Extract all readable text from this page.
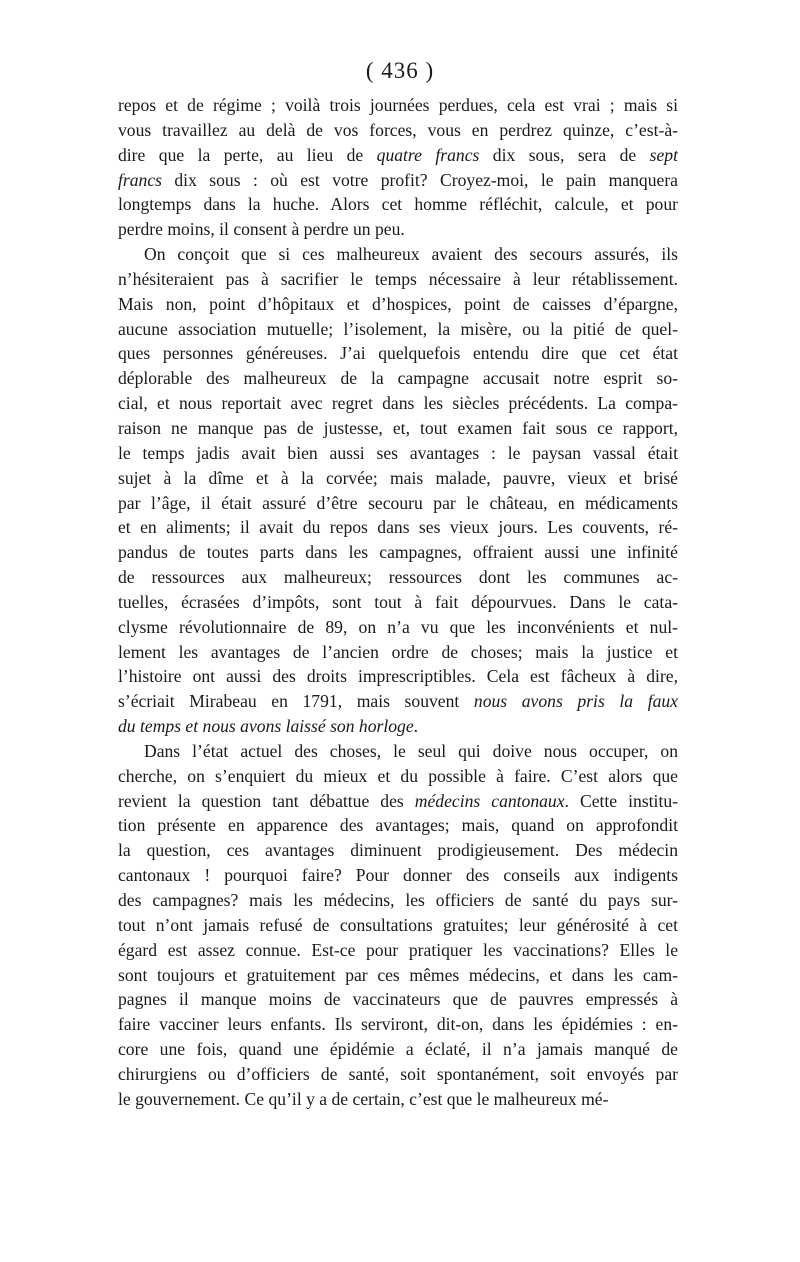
( 436 )
repos et de régime ; voilà trois journées perdues, cela est vrai ; mais si
vous travaillez au delà de vos forces, vous en perdrez quinze, c’est-à-
dire que la perte, au lieu de quatre francs dix sous, sera de sept
francs dix sous : où est votre profit? Croyez-moi, le pain manquera
longtemps dans la huche. Alors cet homme réfléchit, calcule, et pour
perdre moins, il consent à perdre un peu.
On conçoit que si ces malheureux avaient des secours assurés, ils
n’hésiteraient pas à sacrifier le temps nécessaire à leur rétablissement.
Mais non, point d’hôpitaux et d’hospices, point de caisses d’épargne,
aucune association mutuelle; l’isolement, la misère, ou la pitié de quel-
ques personnes généreuses. J’ai quelquefois entendu dire que cet état
déplorable des malheureux de la campagne accusait notre esprit so-
cial, et nous reportait avec regret dans les siècles précédents. La compa-
raison ne manque pas de justesse, et, tout examen fait sous ce rapport,
le temps jadis avait bien aussi ses avantages : le paysan vassal était
sujet à la dîme et à la corvée; mais malade, pauvre, vieux et brisé
par l’âge, il était assuré d’être secouru par le château, en médicaments
et en aliments; il avait du repos dans ses vieux jours. Les couvents, ré-
pandus de toutes parts dans les campagnes, offraient aussi une infinité
de ressources aux malheureux; ressources dont les communes ac-
tuelles, écrasées d’impôts, sont tout à fait dépourvues. Dans le cata-
clysme révolutionnaire de 89, on n’a vu que les inconvénients et nul-
lement les avantages de l’ancien ordre de choses; mais la justice et
l’histoire ont aussi des droits imprescriptibles. Cela est fâcheux à dire,
s’écriait Mirabeau en 1791, mais souvent nous avons pris la faux
du temps et nous avons laissé son horloge.
Dans l’état actuel des choses, le seul qui doive nous occuper, on
cherche, on s’enquiert du mieux et du possible à faire. C’est alors que
revient la question tant débattue des médecins cantonaux. Cette institu-
tion présente en apparence des avantages; mais, quand on approfondit
la question, ces avantages diminuent prodigieusement. Des médecin
cantonaux ! pourquoi faire? Pour donner des conseils aux indigents
des campagnes? mais les médecins, les officiers de santé du pays sur-
tout n’ont jamais refusé de consultations gratuites; leur générosité à cet
égard est assez connue. Est-ce pour pratiquer les vaccinations? Elles le
sont toujours et gratuitement par ces mêmes médecins, et dans les cam-
pagnes il manque moins de vaccinateurs que de pauvres empressés à
faire vacciner leurs enfants. Ils serviront, dit-on, dans les épidémies : en-
core une fois, quand une épidémie a éclaté, il n’a jamais manqué de
chirurgiens ou d’officiers de santé, soit spontanément, soit envoyés par
le gouvernement. Ce qu’il y a de certain, c’est que le malheureux mé-
